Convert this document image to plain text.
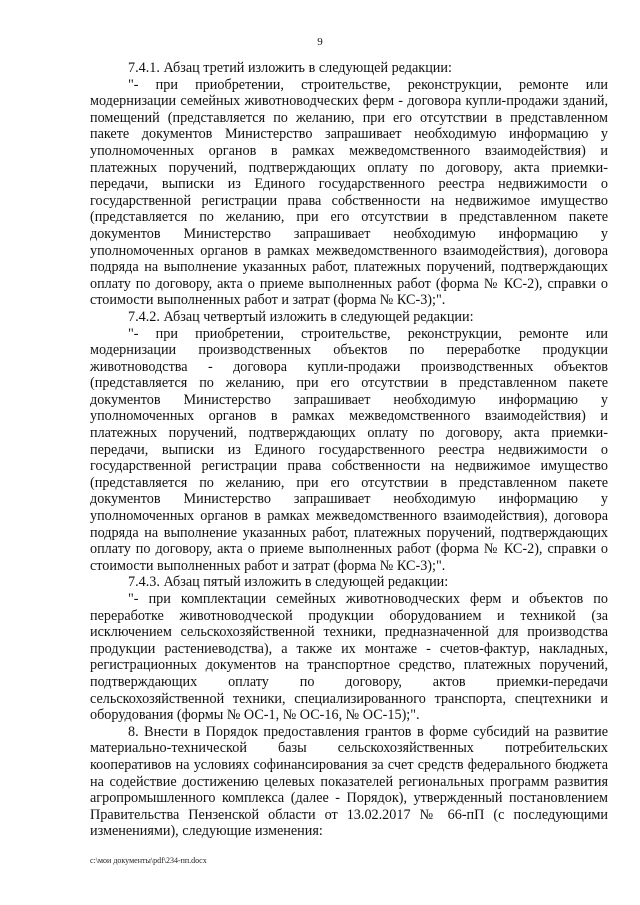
9

7.4.1. Абзац третий изложить в следующей редакции:

"- при приобретении, строительстве, реконструкции, ремонте или модернизации семейных животноводческих ферм - договора купли-продажи зданий, помещений (представляется по желанию, при его отсутствии в представленном пакете документов Министерство запрашивает необходимую информацию у уполномоченных органов в рамках межведомственного взаимодействия) и платежных поручений, подтверждающих оплату по договору, акта приемки-передачи, выписки из Единого государственного реестра недвижимости о государственной регистрации права собственности на недвижимое имущество (представляется по желанию, при его отсутствии в представленном пакете документов Министерство запрашивает необходимую информацию у уполномоченных органов в рамках межведомственного взаимодействия), договора подряда на выполнение указанных работ, платежных поручений, подтверждающих оплату по договору, акта о приеме выполненных работ (форма № КС-2), справки о стоимости выполненных работ и затрат (форма № КС-3);".

7.4.2. Абзац четвертый изложить в следующей редакции:

"- при приобретении, строительстве, реконструкции, ремонте или модернизации производственных объектов по переработке продукции животноводства - договора купли-продажи производственных объектов (представляется по желанию, при его отсутствии в представленном пакете документов Министерство запрашивает необходимую информацию у уполномоченных органов в рамках межведомственного взаимодействия) и платежных поручений, подтверждающих оплату по договору, акта приемки-передачи, выписки из Единого государственного реестра недвижимости о государственной регистрации права собственности на недвижимое имущество (представляется по желанию, при его отсутствии в представленном пакете документов Министерство запрашивает необходимую информацию у уполномоченных органов в рамках межведомственного взаимодействия), договора подряда на выполнение указанных работ, платежных поручений, подтверждающих оплату по договору, акта о приеме выполненных работ (форма № КС-2), справки о стоимости выполненных работ и затрат (форма № КС-3);".

7.4.3. Абзац пятый изложить в следующей редакции:

"- при комплектации семейных животноводческих ферм и объектов по переработке животноводческой продукции оборудованием и техникой (за исключением сельскохозяйственной техники, предназначенной для производства продукции растениеводства), а также их монтаже - счетов-фактур, накладных, регистрационных документов на транспортное средство, платежных поручений, подтверждающих оплату по договору, актов приемки-передачи сельскохозяйственной техники, специализированного транспорта, спецтехники и оборудования (формы № ОС-1, № ОС-16, № ОС-15);".

8. Внести в Порядок предоставления грантов в форме субсидий на развитие материально-технической базы сельскохозяйственных потребительских кооперативов на условиях софинансирования за счет средств федерального бюджета на содействие достижению целевых показателей региональных программ развития агропромышленного комплекса (далее - Порядок), утвержденный постановлением Правительства Пензенской области от 13.02.2017 № 66-пП (с последующими изменениями), следующие изменения:

c:\мои документы\pdf\234-пп.docx
